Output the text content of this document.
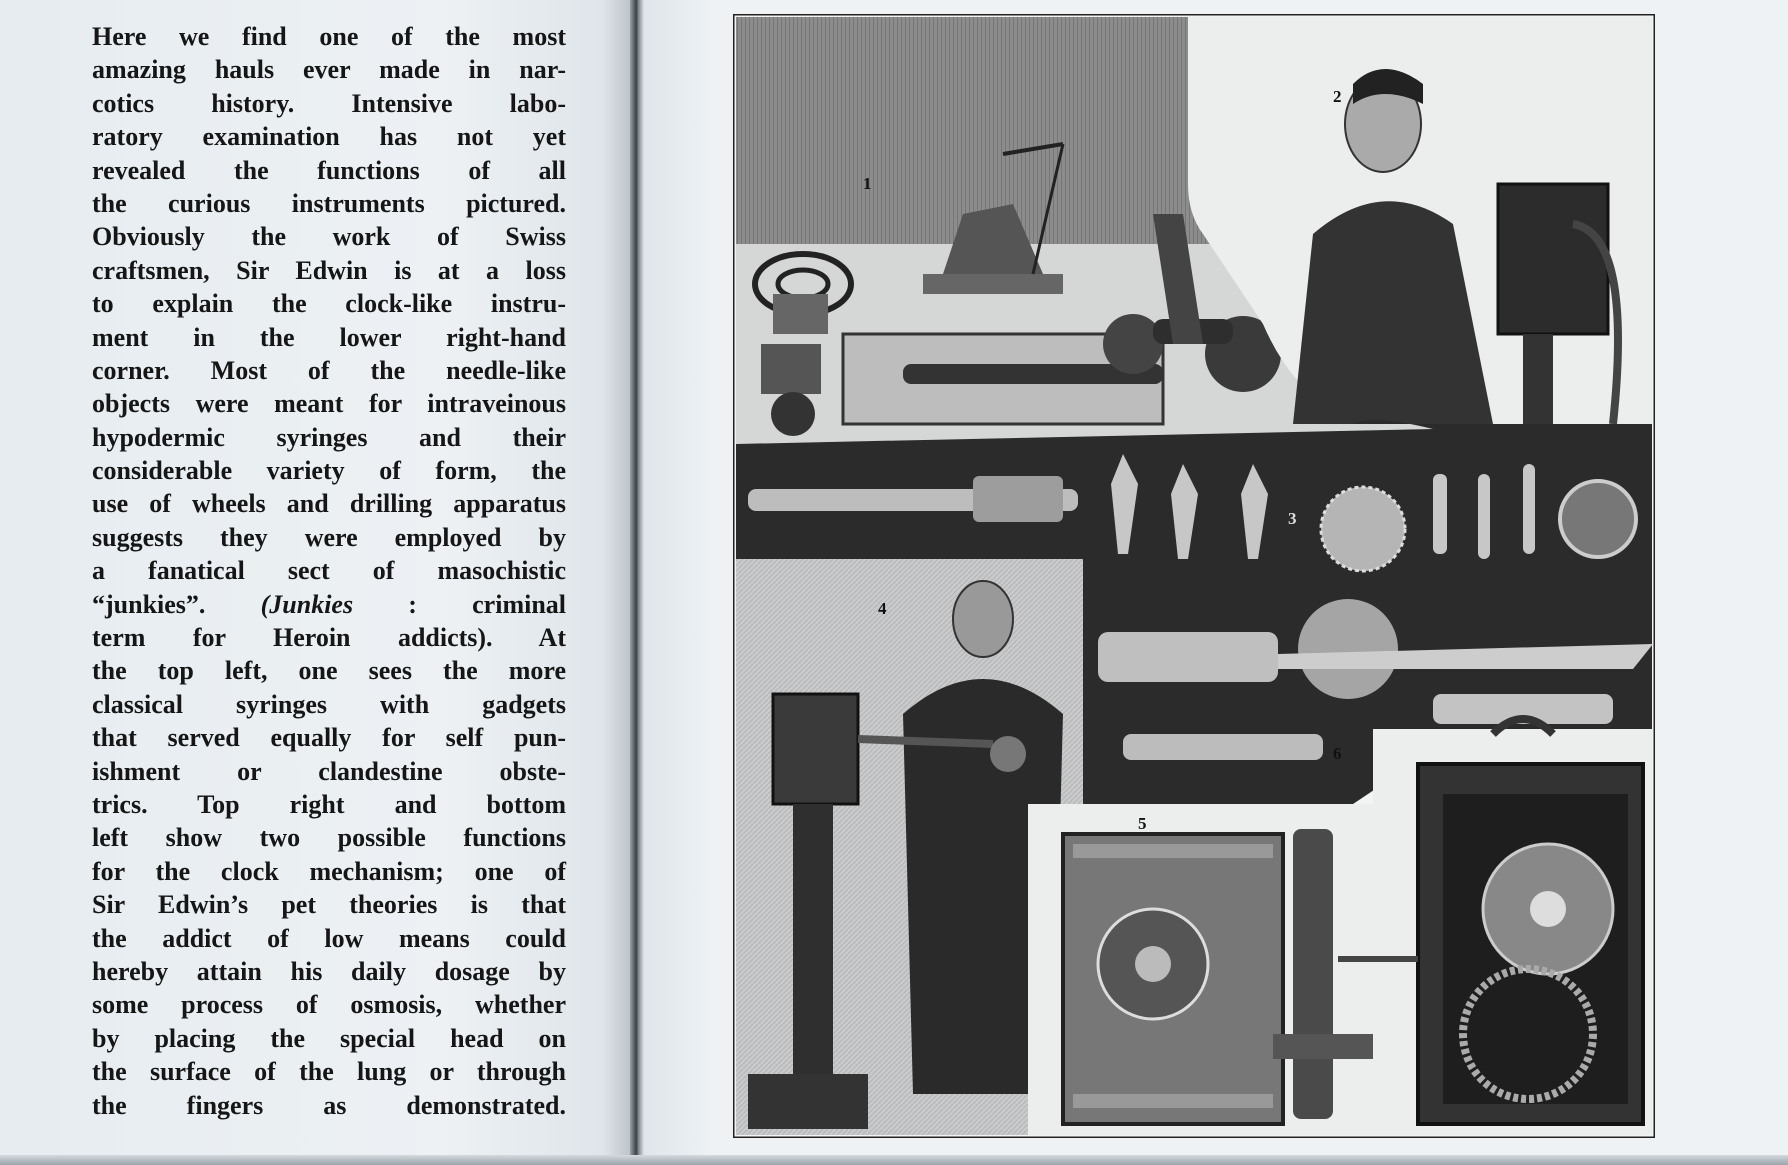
Here we find one of the most
amazing hauls ever made in nar-
cotics history. Intensive labo-
ratory examination has not yet
revealed the functions of all
the curious instruments pictured.
Obviously the work of Swiss
craftsmen, Sir Edwin is at a loss
to explain the clock-like instru-
ment in the lower right-hand
corner. Most of the needle-like
objects were meant for intraveinous
hypodermic syringes and their
considerable variety of form, the
use of wheels and drilling apparatus
suggests they were employed by
a fanatical sect of masochistic
“junkies”. (Junkies : criminal
term for Heroin addicts). At
the top left, one sees the more
classical syringes with gadgets
that served equally for self pun-
ishment or clandestine obste-
trics. Top right and bottom
left show two possible functions
for the clock mechanism; one of
Sir Edwin’s pet theories is that
the addict of low means could
hereby attain his daily dosage by
some process of osmosis, whether
by placing the special head on
the surface of the lung or through
the fingers as demonstrated.
1
2
3
4
5
6
